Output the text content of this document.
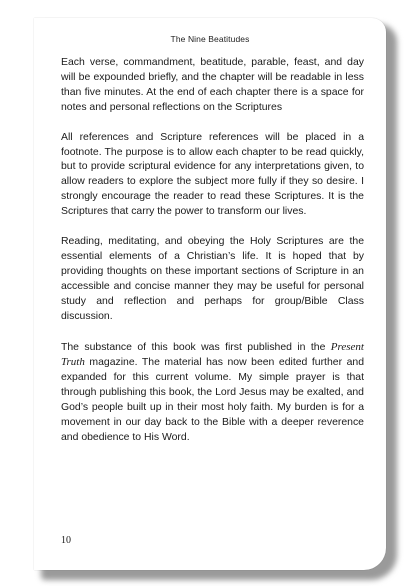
The Nine Beatitudes

Each verse, commandment, beatitude, parable, feast, and day will be expounded briefly, and the chapter will be readable in less than five minutes. At the end of each chapter there is a space for notes and personal reflections on the Scriptures

All references and Scripture references will be placed in a footnote. The purpose is to allow each chapter to be read quickly, but to provide scriptural evidence for any interpretations given, to allow readers to explore the subject more fully if they so desire. I strongly encourage the reader to read these Scriptures. It is the Scriptures that carry the power to transform our lives.

Reading, meditating, and obeying the Holy Scriptures are the essential elements of a Christian’s life. It is hoped that by providing thoughts on these important sections of Scripture in an accessible and concise manner they may be useful for personal study and reflection and perhaps for group/Bible Class discussion.

The substance of this book was first published in the Present Truth magazine. The material has now been edited further and expanded for this current volume. My simple prayer is that through publishing this book, the Lord Jesus may be exalted, and God’s people built up in their most holy faith. My burden is for a movement in our day back to the Bible with a deeper reverence and obedience to His Word.

10
